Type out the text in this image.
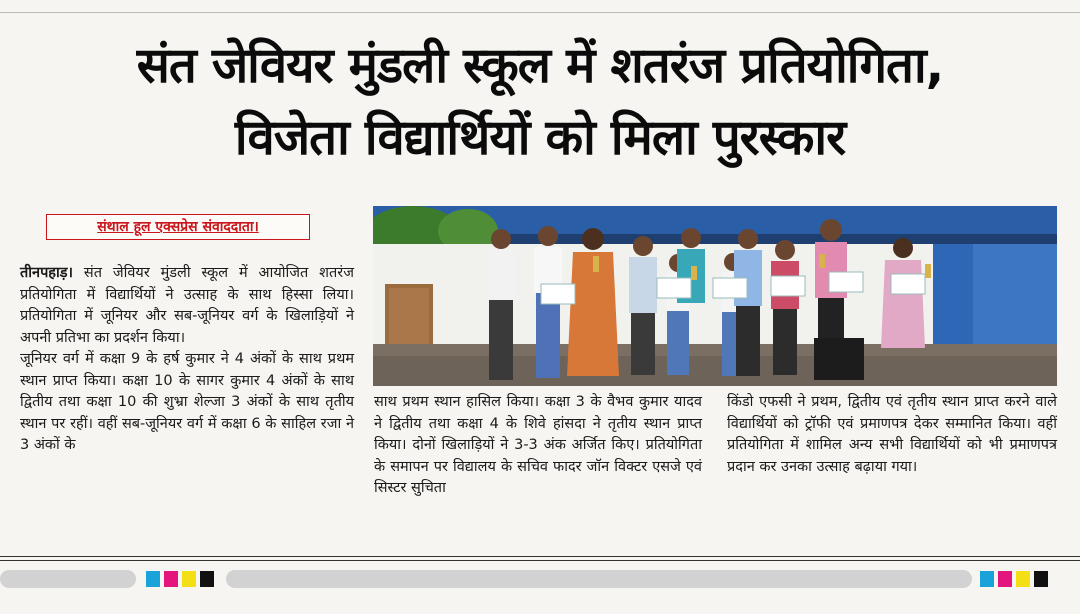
संत जेवियर मुंडली स्कूल में शतरंज प्रतियोगिता,
विजेता विद्यार्थियों को मिला पुरस्कार
संथाल हूल एक्सप्रेस संवाददाता।

तीनपहाड़। संत जेवियर मुंडली स्कूल में आयोजित शतरंज प्रतियोगिता में विद्यार्थियों ने उत्साह के साथ हिस्सा लिया। प्रतियोगिता में जूनियर और सब-जूनियर वर्ग के खिलाड़ियों ने अपनी प्रतिभा का प्रदर्शन किया।

जूनियर वर्ग में कक्षा 9 के हर्ष कुमार ने 4 अंकों के साथ प्रथम स्थान प्राप्त किया। कक्षा 10 के सागर कुमार 4 अंकों के साथ द्वितीय तथा कक्षा 10 की शुभ्रा शेल्जा 3 अंकों के साथ तृतीय स्थान पर रहीं। वहीं सब-जूनियर वर्ग में कक्षा 6 के साहिल रजा ने 3 अंकों के

साथ प्रथम स्थान हासिल किया। कक्षा 3 के वैभव कुमार यादव ने द्वितीय तथा कक्षा 4 के शिवे हांसदा ने तृतीय स्थान प्राप्त किया। दोनों खिलाड़ियों ने 3-3 अंक अर्जित किए। प्रतियोगिता के समापन पर विद्यालय के सचिव फादर जॉन विक्टर एसजे एवं सिस्टर सुचिता
किंडो एफसी ने प्रथम, द्वितीय एवं तृतीय स्थान प्राप्त करने वाले विद्यार्थियों को ट्रॉफी एवं प्रमाणपत्र देकर सम्मानित किया। वहीं प्रतियोगिता में शामिल अन्य सभी विद्यार्थियों को भी प्रमाणपत्र प्रदान कर उनका उत्साह बढ़ाया गया।
